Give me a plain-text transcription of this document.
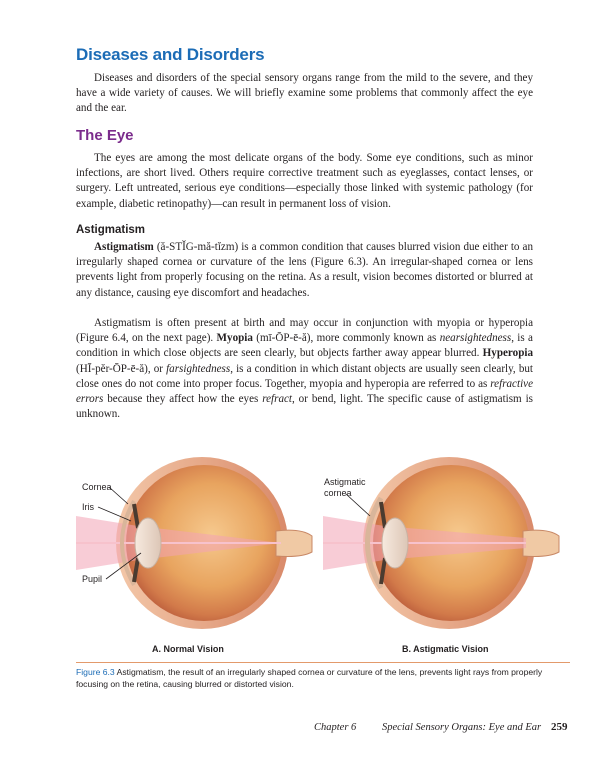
Diseases and Disorders

Diseases and disorders of the special sensory organs range from the mild to the severe, and they have a wide variety of causes. We will briefly examine some problems that commonly affect the eye and the ear.

The Eye

The eyes are among the most delicate organs of the body. Some eye conditions, such as minor infections, are short lived. Others require corrective treatment such as eyeglasses, contact lenses, or surgery. Left untreated, serious eye conditions—especially those linked with systemic pathology (for example, diabetic retinopathy)—can result in permanent loss of vision.

Astigmatism

Astigmatism (ă-STĬG-mă-tĭzm) is a common condition that causes blurred vision due either to an irregularly shaped cornea or curvature of the lens (Figure 6.3). An irregular-shaped cornea or lens prevents light from properly focusing on the retina. As a result, vision becomes distorted or blurred at any distance, causing eye discomfort and headaches.

Astigmatism is often present at birth and may occur in conjunction with myopia or hyperopia (Figure 6.4, on the next page). Myopia (mī-ŌP-ē-ă), more commonly known as nearsightedness, is a condition in which close objects are seen clearly, but objects farther away appear blurred. Hyperopia (HĪ-pĕr-ŌP-ē-ă), or farsightedness, is a condition in which distant objects are usually seen clearly, but close ones do not come into proper focus. Together, myopia and hyperopia are referred to as refractive errors because they affect how the eyes refract, or bend, light. The specific cause of astigmatism is unknown.

Cornea
Iris
Pupil
Astigmatic
cornea
A. Normal Vision	B. Astigmatic Vision

Figure 6.3 Astigmatism, the result of an irregularly shaped cornea or curvature of the lens, prevents light rays from properly focusing on the retina, causing blurred or distorted vision.

Chapter 6 Special Sensory Organs: Eye and Ear 259
